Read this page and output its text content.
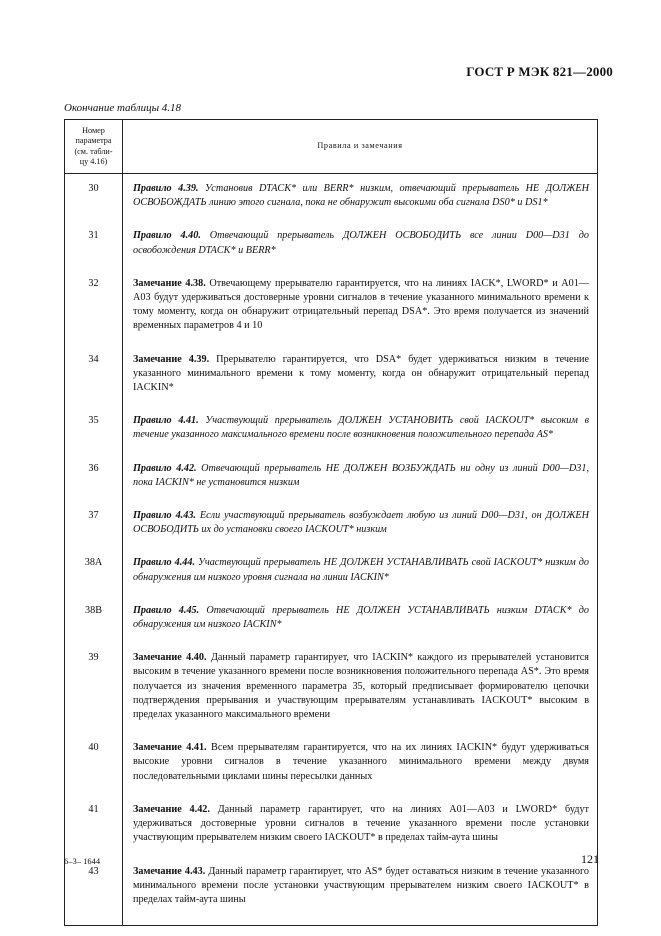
ГОСТ Р МЭК 821—2000
Окончание таблицы 4.18
Номер
параметра
(см. табли-
цу 4.16)	Правила и замечания
30	Правило 4.39. Установив DTACK* или BERR* низким, отвечающий прерыватель НЕ ДОЛЖЕН ОСВОБОЖДАТЬ линию этого сигнала, пока не обнаружит высокими оба сигнала DS0* и DS1*
31	Правило 4.40. Отвечающий прерыватель ДОЛЖЕН ОСВОБОДИТЬ все линии D00—D31 до освобождения DTACK* и BERR*
32	Замечание 4.38. Отвечающему прерывателю гарантируется, что на линиях IACK*, LWORD* и A01—A03 будут удерживаться достоверные уровни сигналов в течение указанного минимального времени к тому моменту, когда он обнаружит отрицательный перепад DSA*. Это время получается из значений временных параметров 4 и 10
34	Замечание 4.39. Прерывателю гарантируется, что DSA* будет удерживаться низким в течение указанного минимального времени к тому моменту, когда он обнаружит отрицательный перепад IACKIN*
35	Правило 4.41. Участвующий прерыватель ДОЛЖЕН УСТАНОВИТЬ свой IACKOUT* высоким в течение указанного максимального времени после возникновения положительного перепада AS*
36	Правило 4.42. Отвечающий прерыватель НЕ ДОЛЖЕН ВОЗБУЖДАТЬ ни одну из линий D00—D31, пока IACKIN* не установится низким
37	Правило 4.43. Если участвующий прерыватель возбуждает любую из линий D00—D31, он ДОЛЖЕН ОСВОБОДИТЬ их до установки своего IACKOUT* низким
38A	Правило 4.44. Участвующий прерыватель НЕ ДОЛЖЕН УСТАНАВЛИВАТЬ свой IACKOUT* низким до обнаружения им низкого уровня сигнала на линии IACKIN*
38B	Правило 4.45. Отвечающий прерыватель НЕ ДОЛЖЕН УСТАНАВЛИВАТЬ низким DTACK* до обнаружения им низкого IACKIN*
39	Замечание 4.40. Данный параметр гарантирует, что IACKIN* каждого из прерывателей установится высоким в течение указанного времени после возникновения положительного перепада AS*. Это время получается из значения временного параметра 35, который предписывает формирователю цепочки подтверждения прерывания и участвующим прерывателям устанавливать IACKOUT* высоким в пределах указанного максимального времени
40	Замечание 4.41. Всем прерывателям гарантируется, что на их линиях IACKIN* будут удерживаться высокие уровни сигналов в течение указанного минимального времени между двумя последовательными циклами шины пересылки данных
41	Замечание 4.42. Данный параметр гарантирует, что на линиях A01—A03 и LWORD* будут удерживаться достоверные уровни сигналов в течение указанного времени после установки участвующим прерывателем низким своего IACKOUT* в пределах тайм-аута шины
43	Замечание 4.43. Данный параметр гарантирует, что AS* будет оставаться низким в течение указанного минимального времени после установки участвующим прерывателем низким своего IACKOUT* в пределах тайм-аута шины
6–3– 1644	121
